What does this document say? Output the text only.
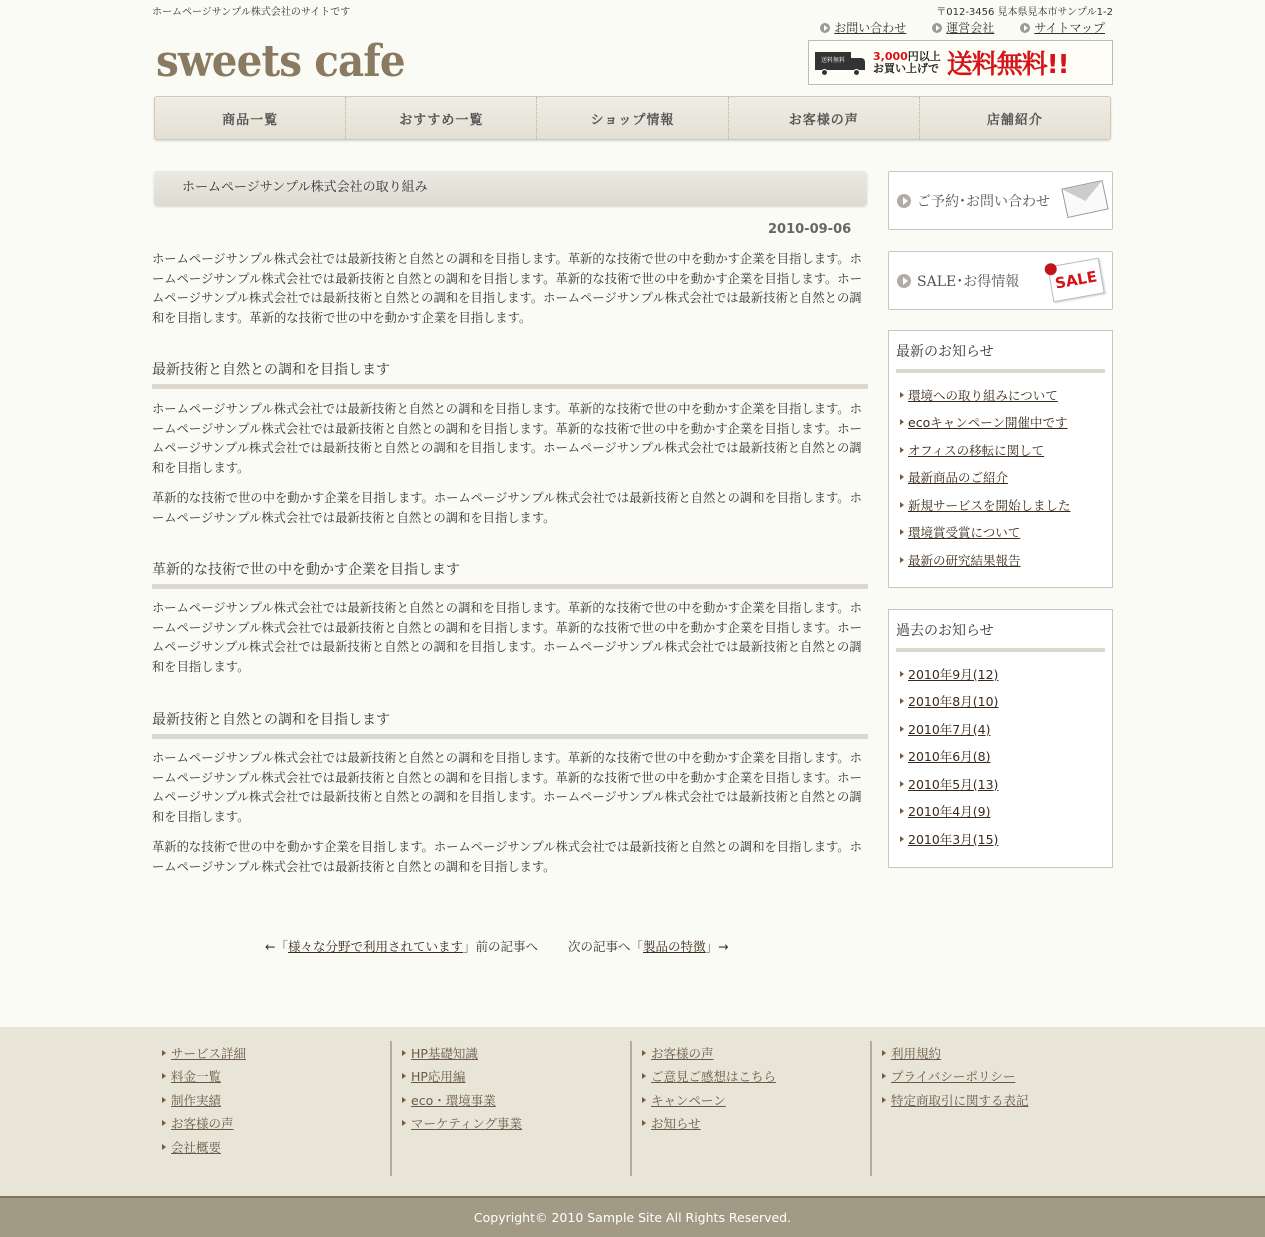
ホームページサンプル株式会社のサイトです	〒012-3456 見本県見本市サンプル1-2
お問い合わせ	運営会社	サイトマップ
sweets cafe	送料無料	3,000円以上
お買い上げで 送料無料!!
商品一覧	おすすめ一覧	ショップ情報	お客様の声	店舗紹介
ホームページサンプル株式会社の取り組み
2010-09-06

ホームページサンプル株式会社では最新技術と自然との調和を目指します。革新的な技術で世の中を動かす企業を目指します。ホームページサンプル株式会社では最新技術と自然との調和を目指します。革新的な技術で世の中を動かす企業を目指します。ホームページサンプル株式会社では最新技術と自然との調和を目指します。ホームページサンプル株式会社では最新技術と自然との調和を目指します。革新的な技術で世の中を動かす企業を目指します。

最新技術と自然との調和を目指します

ホームページサンプル株式会社では最新技術と自然との調和を目指します。革新的な技術で世の中を動かす企業を目指します。ホームページサンプル株式会社では最新技術と自然との調和を目指します。革新的な技術で世の中を動かす企業を目指します。ホームページサンプル株式会社では最新技術と自然との調和を目指します。ホームページサンプル株式会社では最新技術と自然との調和を目指します。

革新的な技術で世の中を動かす企業を目指します。ホームページサンプル株式会社では最新技術と自然との調和を目指します。ホームページサンプル株式会社では最新技術と自然との調和を目指します。

革新的な技術で世の中を動かす企業を目指します

ホームページサンプル株式会社では最新技術と自然との調和を目指します。革新的な技術で世の中を動かす企業を目指します。ホームページサンプル株式会社では最新技術と自然との調和を目指します。革新的な技術で世の中を動かす企業を目指します。ホームページサンプル株式会社では最新技術と自然との調和を目指します。ホームページサンプル株式会社では最新技術と自然との調和を目指します。

最新技術と自然との調和を目指します

ホームページサンプル株式会社では最新技術と自然との調和を目指します。革新的な技術で世の中を動かす企業を目指します。ホームページサンプル株式会社では最新技術と自然との調和を目指します。革新的な技術で世の中を動かす企業を目指します。ホームページサンプル株式会社では最新技術と自然との調和を目指します。ホームページサンプル株式会社では最新技術と自然との調和を目指します。

革新的な技術で世の中を動かす企業を目指します。ホームページサンプル株式会社では最新技術と自然との調和を目指します。ホームページサンプル株式会社では最新技術と自然との調和を目指します。

←「様々な分野で利用されています」前の記事へ 次の記事へ「製品の特徴」→
ご予約･お問い合わせ
SALE･お得情報	SALE
最新のお知らせ
環境への取り組みについて
ecoキャンペーン開催中です
オフィスの移転に関して
最新商品のご紹介
新規サービスを開始しました
環境賞受賞について
最新の研究結果報告
過去のお知らせ
2010年9月(12)
2010年8月(10)
2010年7月(4)
2010年6月(8)
2010年5月(13)
2010年4月(9)
2010年3月(15)
サービス詳細
料金一覧
制作実績
お客様の声
会社概要
HP基礎知識
HP応用編
eco・環境事業
マーケティング事業
お客様の声
ご意見ご感想はこちら
キャンペーン
お知らせ
利用規約
プライバシーポリシー
特定商取引に関する表記
Copyright© 2010 Sample Site All Rights Reserved.
